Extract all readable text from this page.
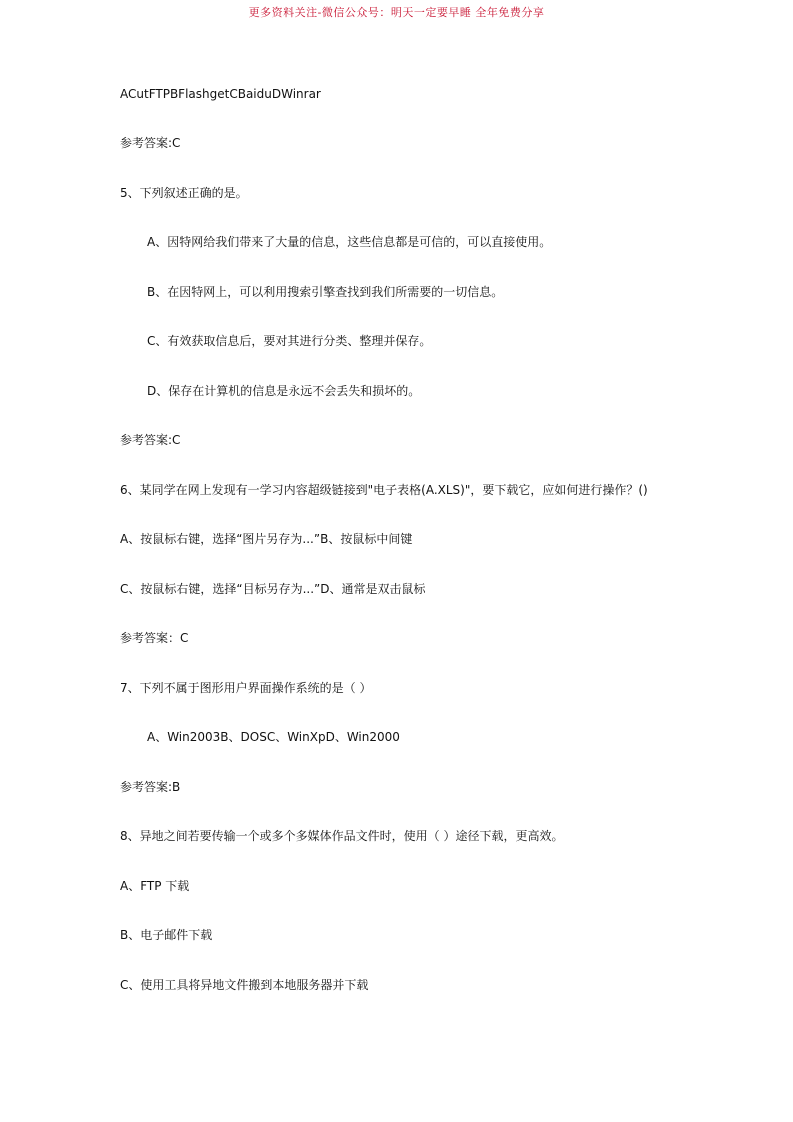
更多资料关注-微信公众号：明天一定要早睡 全年免费分享
ACutFTPBFlashgetCBaiduDWinrar
参考答案:C
5、下列叙述正确的是。
A、因特网给我们带来了大量的信息，这些信息都是可信的，可以直接使用。
B、在因特网上，可以利用搜索引擎查找到我们所需要的一切信息。
C、有效获取信息后，要对其进行分类、整理并保存。
D、保存在计算机的信息是永远不会丢失和损坏的。
参考答案:C
6、某同学在网上发现有一学习内容超级链接到"电子表格(A.XLS)"，要下载它，应如何进行操作？()
A、按鼠标右键，选择“图片另存为...”B、按鼠标中间键
C、按鼠标右键，选择“目标另存为...”D、通常是双击鼠标
参考答案：C
7、下列不属于图形用户界面操作系统的是（ ）
A、Win2003B、DOSC、WinXpD、Win2000
参考答案:B
8、异地之间若要传输一个或多个多媒体作品文件时，使用（ ）途径下载，更高效。
A、FTP 下载
B、电子邮件下载
C、使用工具将异地文件搬到本地服务器并下载
